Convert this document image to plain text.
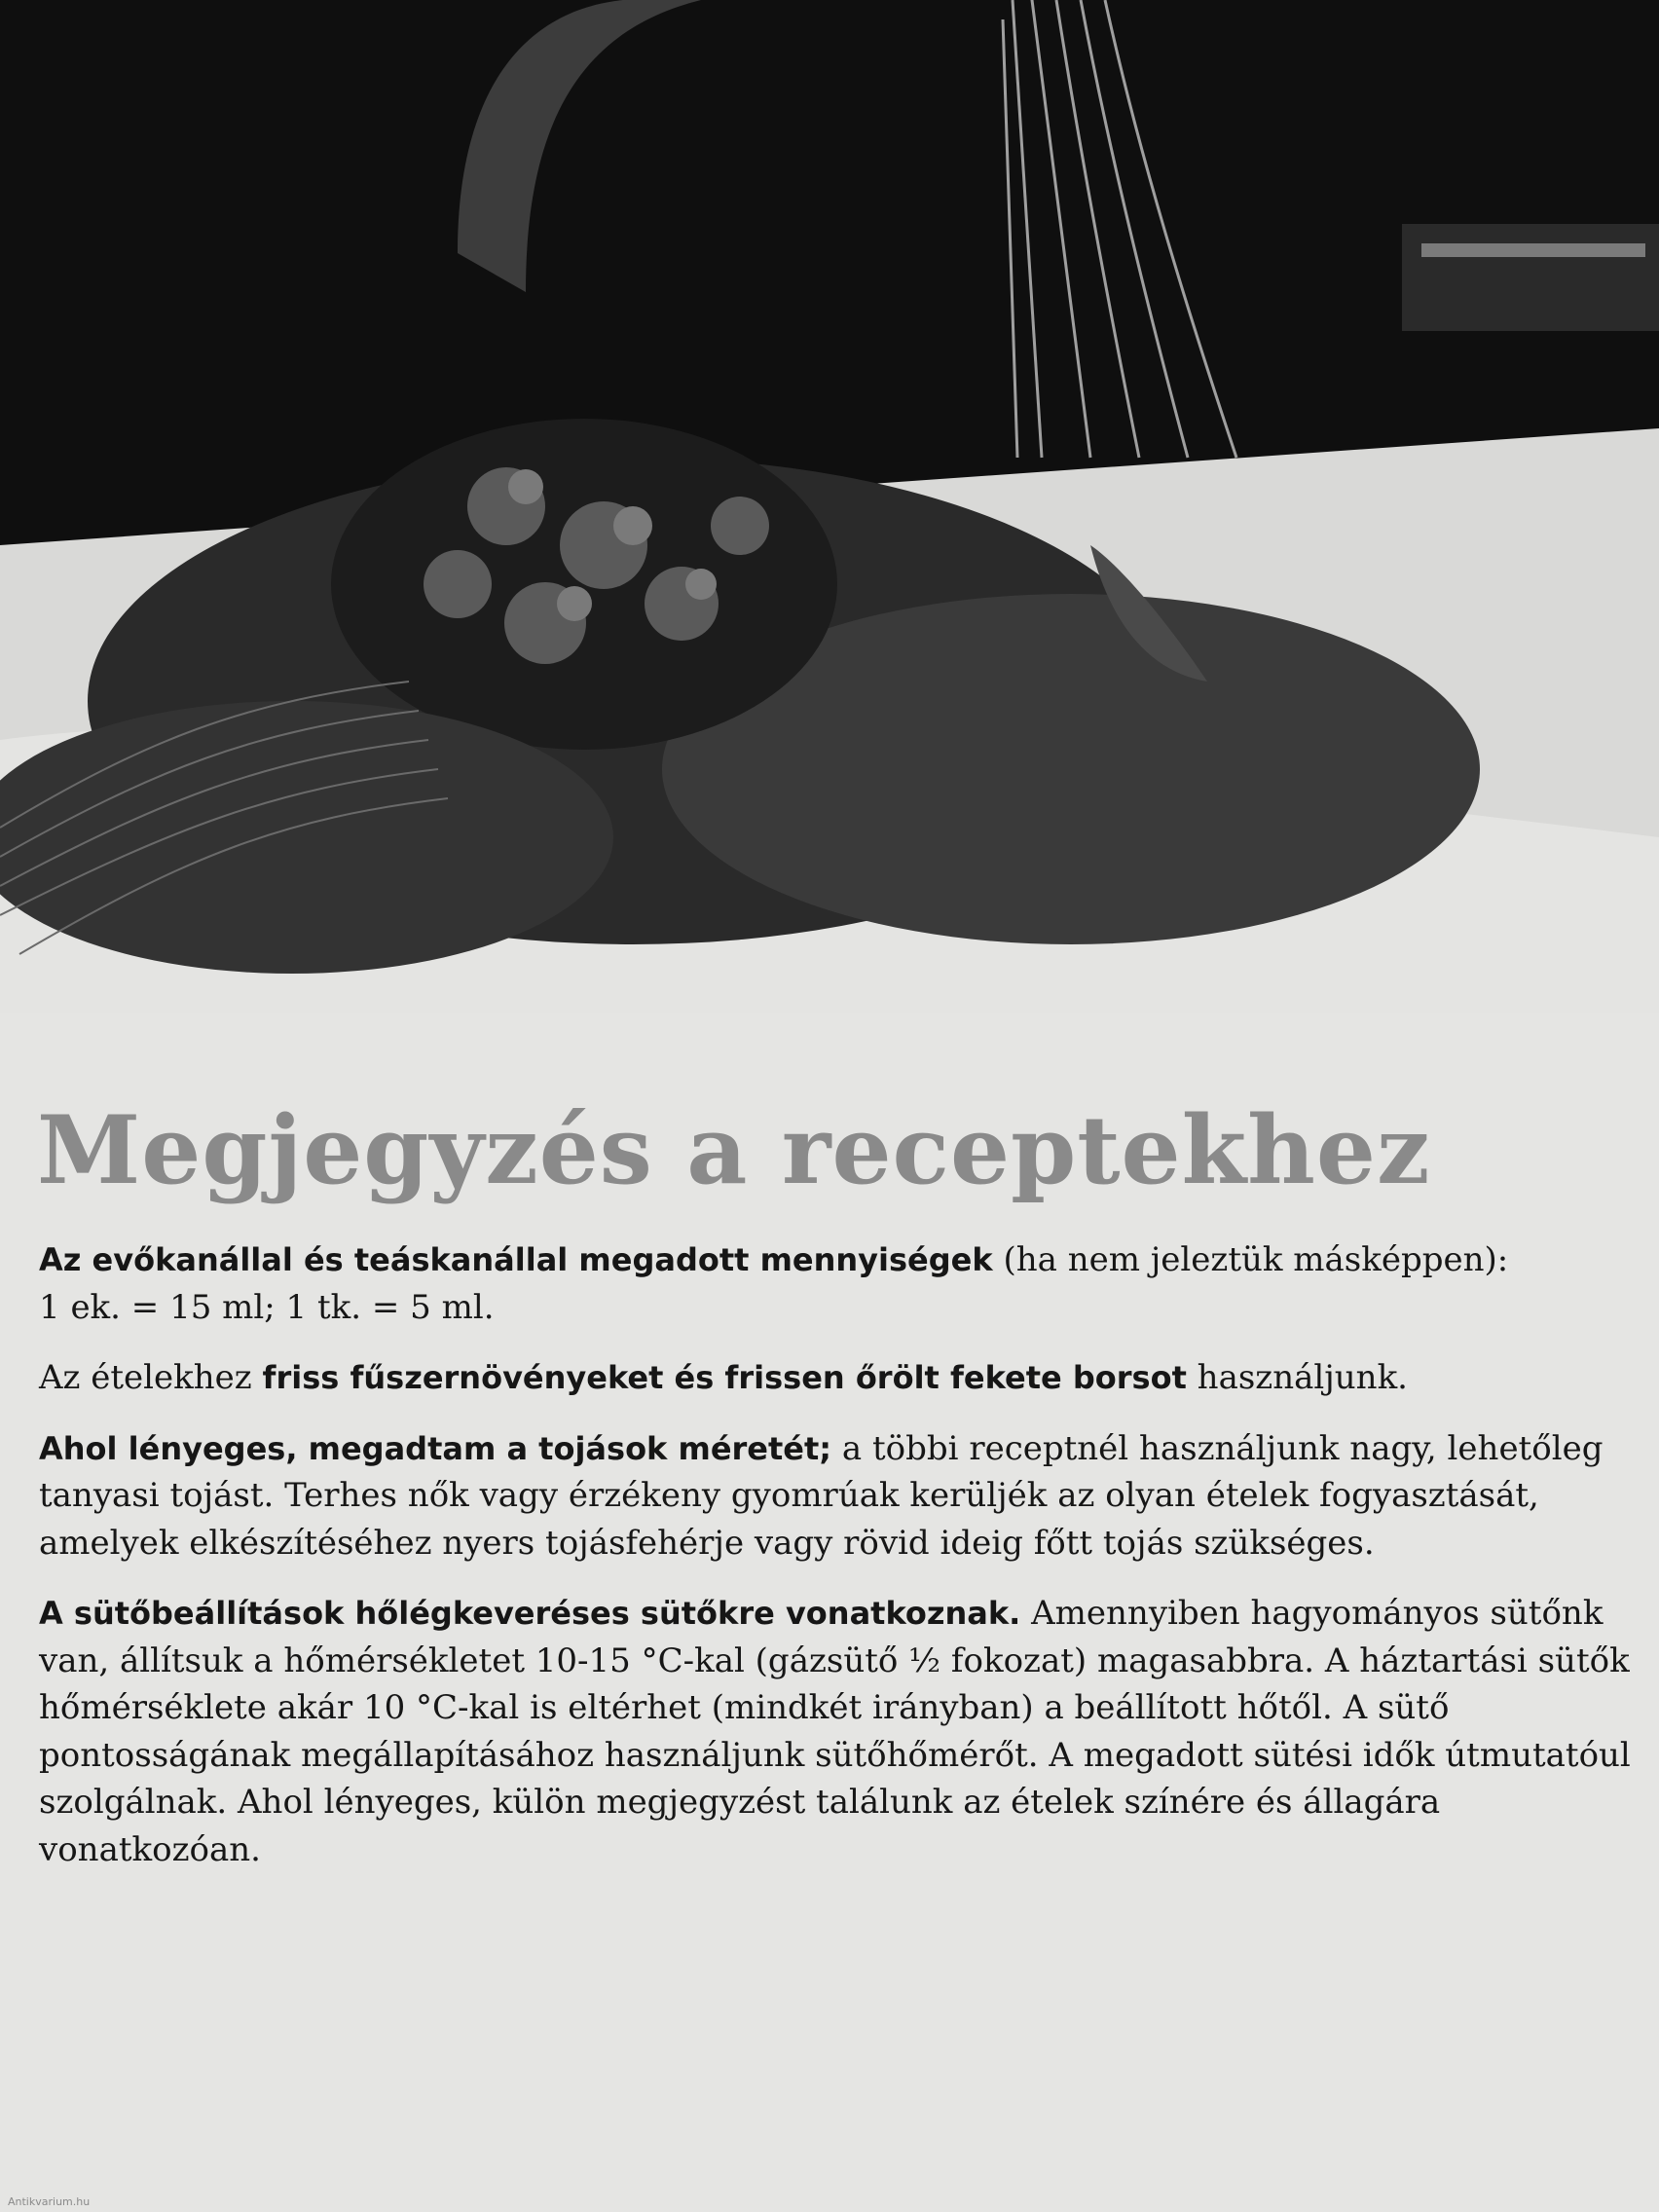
Megjegyzés a receptekhez

Az evőkanállal és teáskanállal megadott mennyiségek (ha nem jeleztük másképpen):
1 ek. = 15 ml; 1 tk. = 5 ml.

Az ételekhez friss fűszernövényeket és frissen őrölt fekete borsot használjunk.

Ahol lényeges, megadtam a tojások méretét; a többi receptnél használjunk nagy, lehetőleg tanyasi tojást. Terhes nők vagy érzékeny gyomrúak kerüljék az olyan ételek fogyasztását, amelyek elkészítéséhez nyers tojásfehérje vagy rövid ideig főtt tojás szükséges.

A sütőbeállítások hőlégkeveréses sütőkre vonatkoznak. Amennyiben hagyományos sütőnk van, állítsuk a hőmérsékletet 10-15 °C-kal (gázsütő ½ fokozat) magasabbra. A háztartási sütők hőmérséklete akár 10 °C-kal is eltérhet (mindkét irányban) a beállított hőtől. A sütő pontosságának megállapításához használjunk sütőhőmérőt. A megadott sütési idők útmutatóul szolgálnak. Ahol lényeges, külön megjegyzést találunk az ételek színére és állagára vonatkozóan.

Antikvarium.hu
